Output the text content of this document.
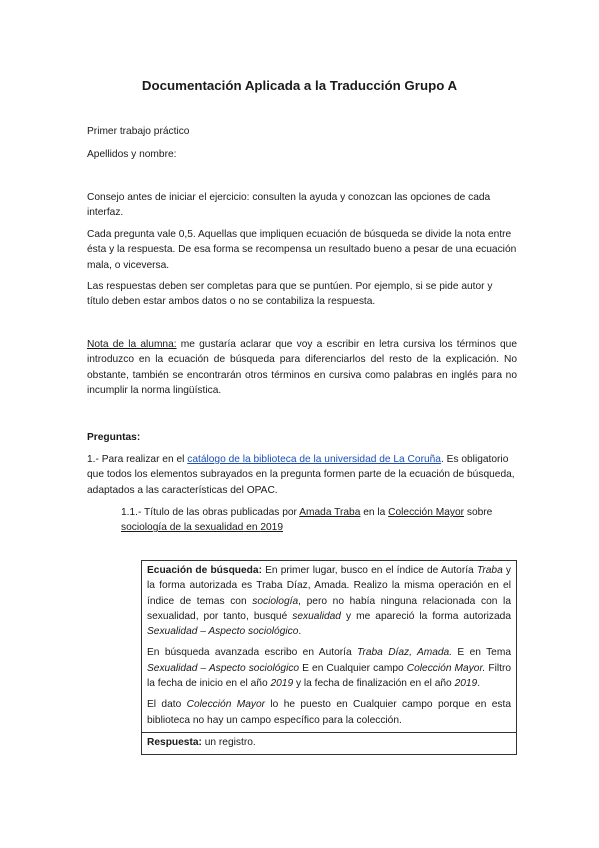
Documentación Aplicada a la Traducción Grupo A
Primer trabajo práctico
Apellidos y nombre:

Consejo antes de iniciar el ejercicio: consulten la ayuda y conozcan las opciones de cada interfaz.

Cada pregunta vale 0,5. Aquellas que impliquen ecuación de búsqueda se divide la nota entre ésta y la respuesta. De esa forma se recompensa un resultado bueno a pesar de una ecuación mala, o viceversa.

Las respuestas deben ser completas para que se puntúen. Por ejemplo, si se pide autor y título deben estar ambos datos o no se contabiliza la respuesta.

Nota de la alumna: me gustaría aclarar que voy a escribir en letra cursiva los términos que introduzco en la ecuación de búsqueda para diferenciarlos del resto de la explicación. No obstante, también se encontrarán otros términos en cursiva como palabras en inglés para no incumplir la norma lingüística.

Preguntas:

1.- Para realizar en el catálogo de la biblioteca de la universidad de La Coruña. Es obligatorio que todos los elementos subrayados en la pregunta formen parte de la ecuación de búsqueda, adaptados a las características del OPAC.

1.1.- Título de las obras publicadas por Amada Traba en la Colección Mayor sobre sociología de la sexualidad en 2019

Ecuación de búsqueda: En primer lugar, busco en el índice de Autoría Traba y la forma autorizada es Traba Díaz, Amada. Realizo la misma operación en el índice de temas con sociología, pero no había ninguna relacionada con la sexualidad, por tanto, busqué sexualidad y me apareció la forma autorizada Sexualidad – Aspecto sociológico.

En búsqueda avanzada escribo en Autoría Traba Díaz, Amada. E en Tema Sexualidad – Aspecto sociológico E en Cualquier campo Colección Mayor. Filtro la fecha de inicio en el año 2019 y la fecha de finalización en el año 2019.

El dato Colección Mayor lo he puesto en Cualquier campo porque en esta biblioteca no hay un campo específico para la colección.

Respuesta: un registro.
